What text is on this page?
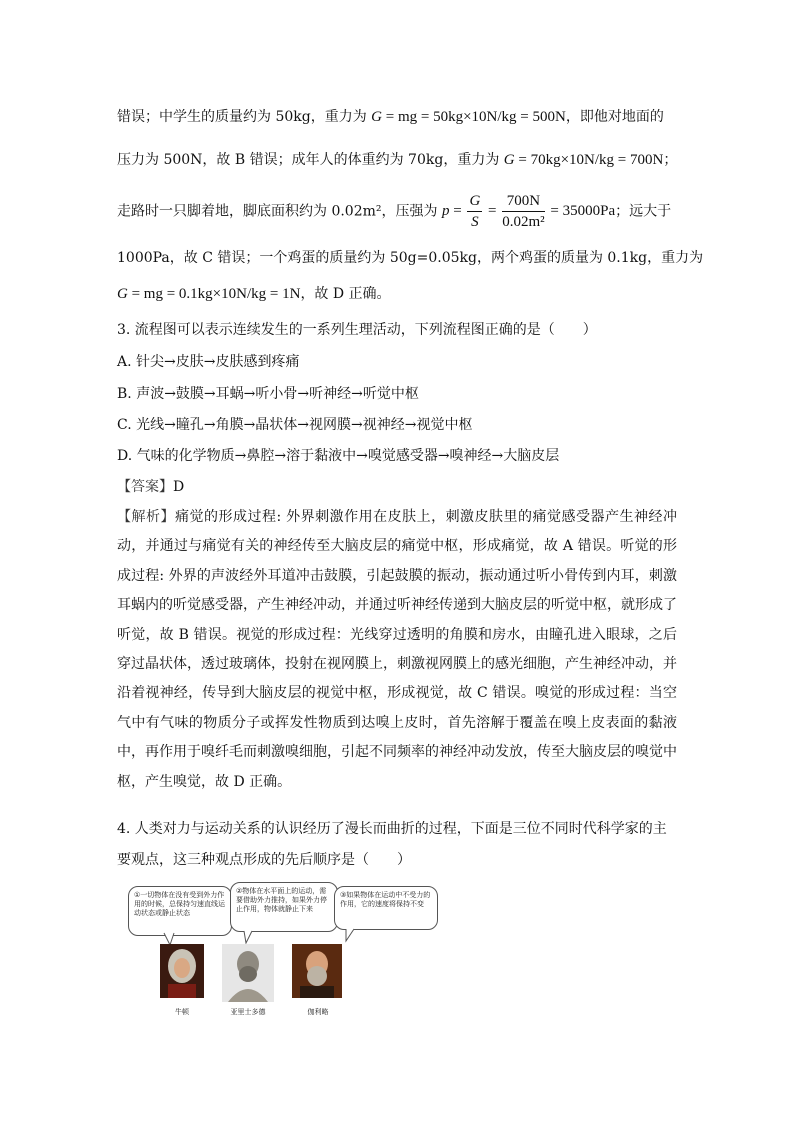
错误；中学生的质量约为 50kg，重力为 G = mg = 50kg×10N/kg = 500N，即他对地面的
压力为 500N，故 B 错误；成年人的体重约为 70kg，重力为 G = 70kg×10N/kg = 700N；
走路时一只脚着地，脚底面积约为 0.02m²，压强为 $p = \frac{G}{S} = \frac{700N}{\text{0.02m²}} = 35000Pa$；远大于
1000Pa，故 C 错误；一个鸡蛋的质量约为 50g=0.05kg，两个鸡蛋的质量为 0.1kg，重力为
G = mg = 0.1kg×10N/kg = 1N，故 D 正确。
3. 流程图可以表示连续发生的一系列生理活动，下列流程图正确的是（　　）
A. 针尖→皮肤→皮肤感到疼痛
B. 声波→鼓膜→耳蜗→听小骨→听神经→听觉中枢
C. 光线→瞳孔→角膜→晶状体→视网膜→视神经→视觉中枢
D. 气味的化学物质→鼻腔→溶于黏液中→嗅觉感受器→嗅神经→大脑皮层
【答案】D
【解析】痛觉的形成过程: 外界刺激作用在皮肤上，刺激皮肤里的痛觉感受器产生神经冲动，并通过与痛觉有关的神经传至大脑皮层的痛觉中枢，形成痛觉，故 A 错误。听觉的形成过程: 外界的声波经外耳道冲击鼓膜，引起鼓膜的振动，振动通过听小骨传到内耳，刺激耳蜗内的听觉感受器，产生神经冲动，并通过听神经传递到大脑皮层的听觉中枢，就形成了听觉，故 B 错误。视觉的形成过程：光线穿过透明的角膜和房水，由瞳孔进入眼球，之后穿过晶状体，透过玻璃体，投射在视网膜上，刺激视网膜上的感光细胞，产生神经冲动，并沿着视神经，传导到大脑皮层的视觉中枢，形成视觉，故 C 错误。嗅觉的形成过程：当空气中有气味的物质分子或挥发性物质到达嗅上皮时，首先溶解于覆盖在嗅上皮表面的黏液中，再作用于嗅纤毛而刺激嗅细胞，引起不同频率的神经冲动发放，传至大脑皮层的嗅觉中枢，产生嗅觉，故 D 正确。
4. 人类对力与运动关系的认识经历了漫长而曲折的过程，下面是三位不同时代科学家的主
要观点，这三种观点形成的先后顺序是（　　）
①一切物体在没有受到外力作用的时候，总保持匀速直线运动状态或静止状态
②物体在水平面上的运动，需要借助外力推持，如果外力停止作用，物体就静止下来
③如果物体在运动中不受力的作用，它的速度将保持不变
牛顿	亚里士多德	伽利略
